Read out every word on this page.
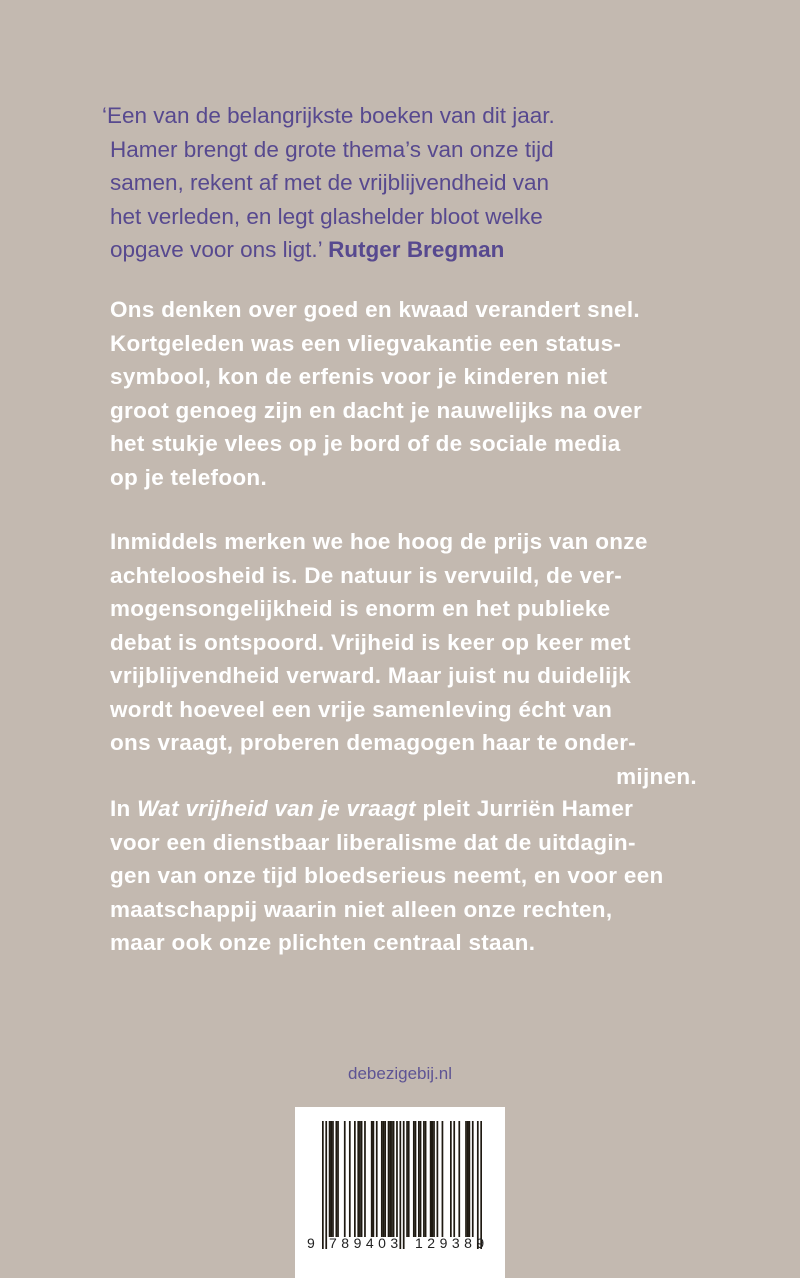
‘Een van de belangrijkste boeken van dit jaar.
Hamer brengt de grote thema’s van onze tijd
samen, rekent af met de vrijblijvendheid van
het verleden, en legt glashelder bloot welke
opgave voor ons ligt.’ Rutger Bregman
Ons denken over goed en kwaad verandert snel.
Kortgeleden was een vliegvakantie een status-
symbool, kon de erfenis voor je kinderen niet
groot genoeg zijn en dacht je nauwelijks na over
het stukje vlees op je bord of de sociale media
op je telefoon.
Inmiddels merken we hoe hoog de prijs van onze
achteloosheid is. De natuur is vervuild, de ver-
mogensongelijkheid is enorm en het publieke
debat is ontspoord. Vrijheid is keer op keer met
vrijblijvendheid verward. Maar juist nu duidelijk
wordt hoeveel een vrije samenleving écht van
ons vraagt, proberen demagogen haar te onder-
mijnen.
In Wat vrijheid van je vraagt pleit Jurriën Hamer
voor een dienstbaar liberalisme dat de uitdagin-
gen van onze tijd bloedserieus neemt, en voor een
maatschappij waarin niet alleen onze rechten,
maar ook onze plichten centraal staan.
debezigebij.nl
9 789403 129389
